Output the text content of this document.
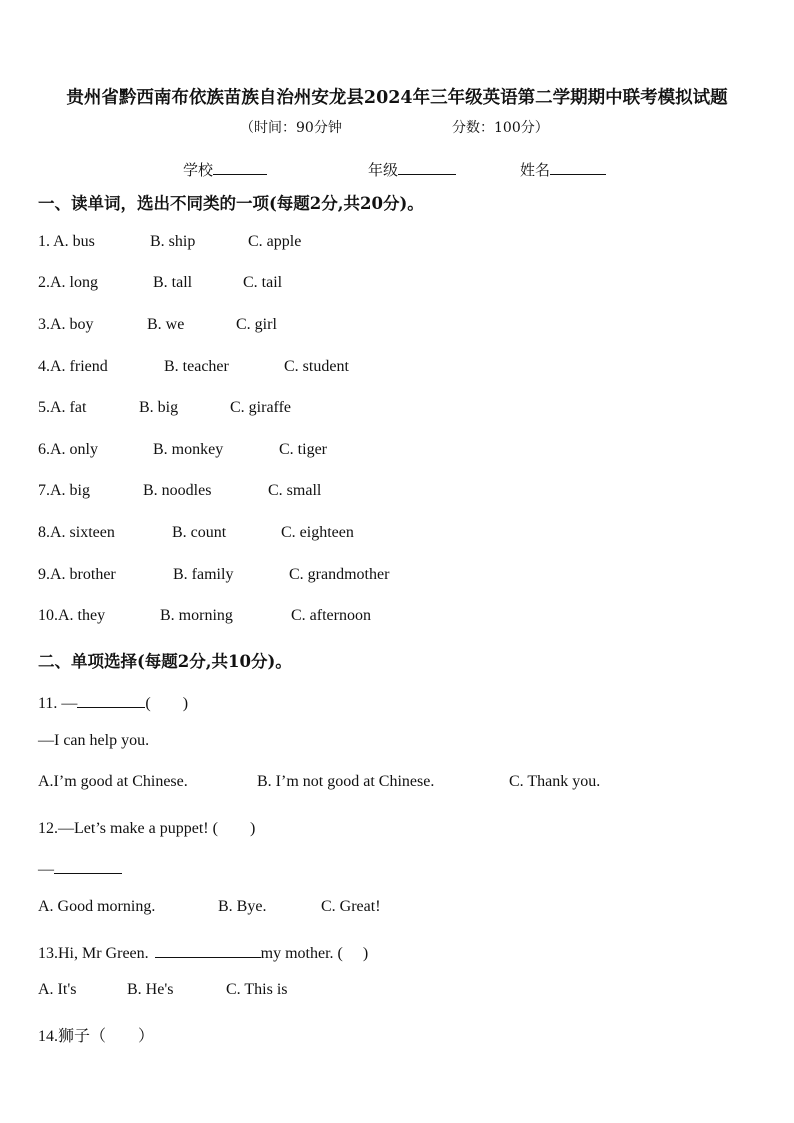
贵州省黔西南布依族苗族自治州安龙县2024年三年级英语第二学期期中联考模拟试题
（时间：90分钟	分数：100分）
学校	年级	姓名
一、读单词，选出不同类的一项(每题2分,共20分)。
1. A. bus	B. ship	C. apple
2.A. long	B. tall	C. tail
3.A. boy	B. we	C. girl
4.A. friend	B. teacher	C. student
5.A. fat	B. big	C. giraffe
6.A. only	B. monkey	C. tiger
7.A. big	B. noodles	C. small
8.A. sixteen	B. count	C. eighteen
9.A. brother	B. family	C. grandmother
10.A. they	B. morning	C. afternoon
二、单项选择(每题2分,共10分)。
11. —	(　　)
—I can help you.
A.I’m good at Chinese.	B. I’m not good at Chinese.	C. Thank you.
12.—Let’s make a puppet! (　　)
—
A. Good morning.	B. Bye.	C. Great!
13.Hi, Mr Green.	my mother. (　 )
A. It's	B. He's	C. This is
14.狮子（　　）
